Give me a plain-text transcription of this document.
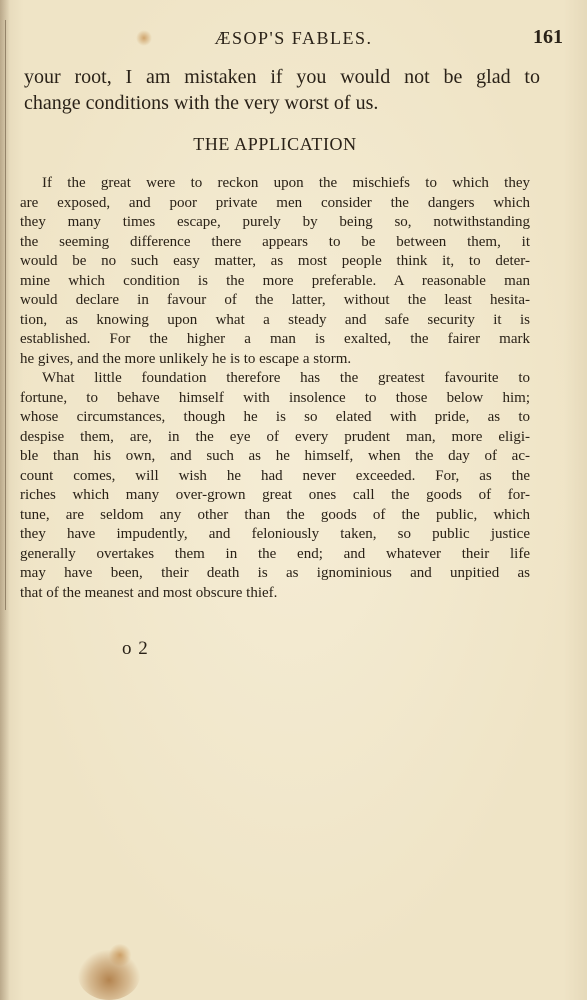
ÆSOP'S FABLES.	161
your root, I am mistaken if you would not be glad to
change conditions with the very worst of us.
THE APPLICATION
If the great were to reckon upon the mischiefs to which they
are exposed, and poor private men consider the dangers which
they many times escape, purely by being so, notwithstanding
the seeming difference there appears to be between them, it
would be no such easy matter, as most people think it, to deter-
mine which condition is the more preferable. A reasonable man
would declare in favour of the latter, without the least hesita-
tion, as knowing upon what a steady and safe security it is
established. For the higher a man is exalted, the fairer mark
he gives, and the more unlikely he is to escape a storm.
What little foundation therefore has the greatest favourite to
fortune, to behave himself with insolence to those below him;
whose circumstances, though he is so elated with pride, as to
despise them, are, in the eye of every prudent man, more eligi-
ble than his own, and such as he himself, when the day of ac-
count comes, will wish he had never exceeded. For, as the
riches which many over-grown great ones call the goods of for-
tune, are seldom any other than the goods of the public, which
they have impudently, and feloniously taken, so public justice
generally overtakes them in the end; and whatever their life
may have been, their death is as ignominious and unpitied as
that of the meanest and most obscure thief.
o 2
